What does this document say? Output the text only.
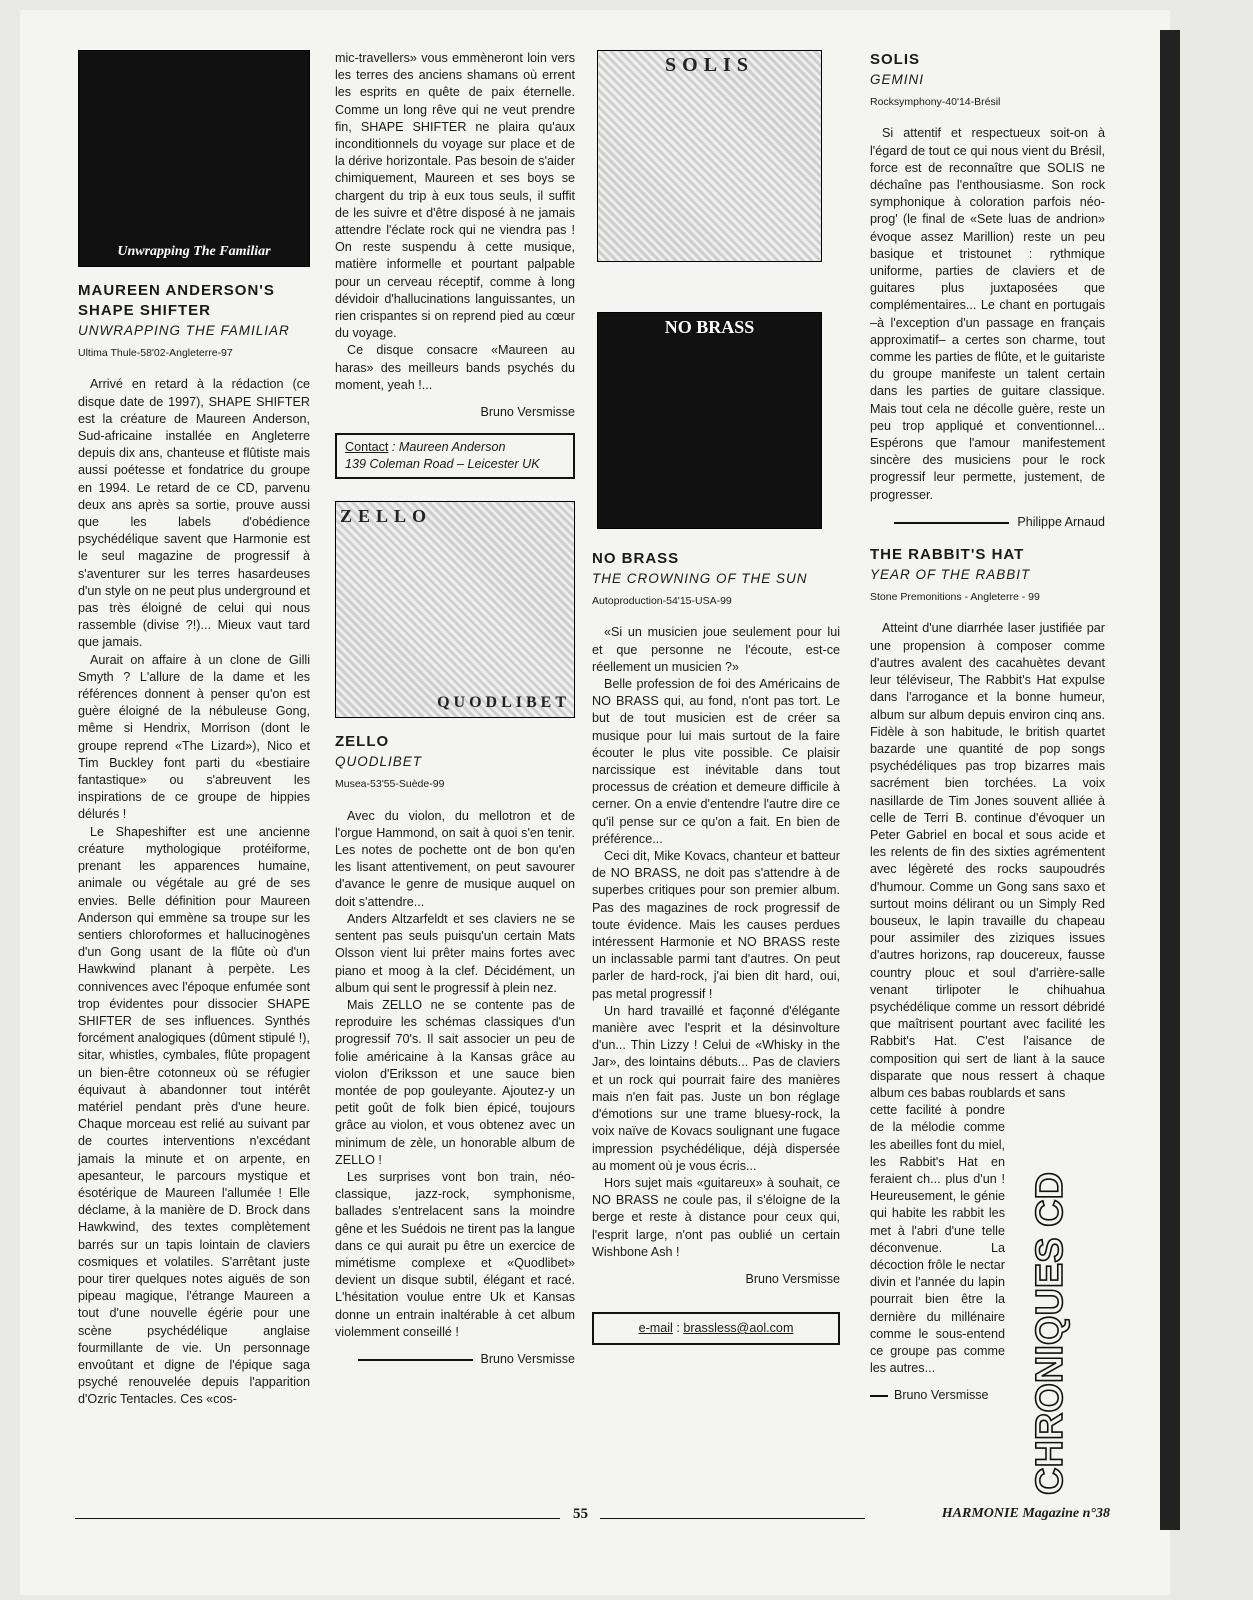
Unwrapping The Familiar
MAUREEN ANDERSON'S
SHAPE SHIFTER
UNWRAPPING THE FAMILIAR
Ultima Thule-58'02-Angleterre-97

Arrivé en retard à la rédaction (ce disque date de 1997), SHAPE SHIFTER est la créature de Maureen Anderson, Sud-africaine installée en Angleterre depuis dix ans, chanteuse et flûtiste mais aussi poétesse et fondatrice du groupe en 1994. Le retard de ce CD, parvenu deux ans après sa sortie, prouve aussi que les labels d'obédience psychédélique savent que Harmonie est le seul magazine de progressif à s'aventurer sur les terres hasardeuses d'un style on ne peut plus underground et pas très éloigné de celui qui nous rassemble (divise ?!)... Mieux vaut tard que jamais.

Aurait on affaire à un clone de Gilli Smyth ? L'allure de la dame et les références donnent à penser qu'on est guère éloigné de la nébuleuse Gong, même si Hendrix, Morrison (dont le groupe reprend «The Lizard»), Nico et Tim Buckley font parti du «bestiaire fantastique» ou s'abreuvent les inspirations de ce groupe de hippies délurés !

Le Shapeshifter est une ancienne créature mythologique protéiforme, prenant les apparences humaine, animale ou végétale au gré de ses envies. Belle définition pour Maureen Anderson qui emmène sa troupe sur les sentiers chloroformes et hallucinogènes d'un Gong usant de la flûte où d'un Hawkwind planant à perpète. Les connivences avec l'époque enfumée sont trop évidentes pour dissocier SHAPE SHIFTER de ses influences. Synthés forcément analogiques (dûment stipulé !), sitar, whistles, cymbales, flûte propagent un bien-être cotonneux où se réfugier équivaut à abandonner tout intérêt matériel pendant près d'une heure. Chaque morceau est relié au suivant par de courtes interventions n'excédant jamais la minute et on arpente, en apesanteur, le parcours mystique et ésotérique de Maureen l'allumée ! Elle déclame, à la manière de D. Brock dans Hawkwind, des textes complètement barrés sur un tapis lointain de claviers cosmiques et volatiles. S'arrêtant juste pour tirer quelques notes aiguës de son pipeau magique, l'étrange Maureen a tout d'une nouvelle égérie pour une scène psychédélique anglaise fourmillante de vie. Un personnage envoûtant et digne de l'épique saga psyché renouvelée depuis l'apparition d'Ozric Tentacles. Ces «cos-

mic-travellers» vous emmèneront loin vers les terres des anciens shamans où errent les esprits en quête de paix éternelle. Comme un long rêve qui ne veut prendre fin, SHAPE SHIFTER ne plaira qu'aux inconditionnels du voyage sur place et de la dérive horizontale. Pas besoin de s'aider chimiquement, Maureen et ses boys se chargent du trip à eux tous seuls, il suffit de les suivre et d'être disposé à ne jamais attendre l'éclate rock qui ne viendra pas ! On reste suspendu à cette musique, matière informelle et pourtant palpable pour un cerveau réceptif, comme à long dévidoir d'hallucinations languissantes, un rien crispantes si on reprend pied au cœur du voyage.

Ce disque consacre «Maureen au haras» des meilleurs bands psychés du moment, yeah !...

Bruno Versmisse
Contact : Maureen Anderson
139 Coleman Road – Leicester UK
ZELLO
QUODLIBET
ZELLO
QUODLIBET
Musea-53'55-Suède-99

Avec du violon, du mellotron et de l'orgue Hammond, on sait à quoi s'en tenir. Les notes de pochette ont de bon qu'en les lisant attentivement, on peut savourer d'avance le genre de musique auquel on doit s'attendre...

Anders Altzarfeldt et ses claviers ne se sentent pas seuls puisqu'un certain Mats Olsson vient lui prêter mains fortes avec piano et moog à la clef. Décidément, un album qui sent le progressif à plein nez.

Mais ZELLO ne se contente pas de reproduire les schémas classiques d'un progressif 70's. Il sait associer un peu de folie américaine à la Kansas grâce au violon d'Eriksson et une sauce bien montée de pop gouleyante. Ajoutez-y un petit goût de folk bien épicé, toujours grâce au violon, et vous obtenez avec un minimum de zèle, un honorable album de ZELLO !

Les surprises vont bon train, néo-classique, jazz-rock, symphonisme, ballades s'entrelacent sans la moindre gêne et les Suédois ne tirent pas la langue dans ce qui aurait pu être un exercice de mimétisme complexe et «Quodlibet» devient un disque subtil, élégant et racé. L'hésitation voulue entre Uk et Kansas donne un entrain inaltérable à cet album violemment conseillé !

Bruno Versmisse
SOLIS
NO BRASS
NO BRASS
THE CROWNING OF THE SUN
Autoproduction-54'15-USA-99

«Si un musicien joue seulement pour lui et que personne ne l'écoute, est-ce réellement un musicien ?»

Belle profession de foi des Américains de NO BRASS qui, au fond, n'ont pas tort. Le but de tout musicien est de créer sa musique pour lui mais surtout de la faire écouter le plus vite possible. Ce plaisir narcissique est inévitable dans tout processus de création et demeure difficile à cerner. On a envie d'entendre l'autre dire ce qu'il pense sur ce qu'on a fait. En bien de préférence...

Ceci dit, Mike Kovacs, chanteur et batteur de NO BRASS, ne doit pas s'attendre à de superbes critiques pour son premier album. Pas des magazines de rock progressif de toute évidence. Mais les causes perdues intéressent Harmonie et NO BRASS reste un inclassable parmi tant d'autres. On peut parler de hard-rock, j'ai bien dit hard, oui, pas metal progressif !

Un hard travaillé et façonné d'élégante manière avec l'esprit et la désinvolture d'un... Thin Lizzy ! Celui de «Whisky in the Jar», des lointains débuts... Pas de claviers et un rock qui pourrait faire des manières mais n'en fait pas. Juste un bon réglage d'émotions sur une trame bluesy-rock, la voix naïve de Kovacs soulignant une fugace impression psychédélique, déjà dispersée au moment où je vous écris...

Hors sujet mais «guitareux» à souhait, ce NO BRASS ne coule pas, il s'éloigne de la berge et reste à distance pour ceux qui, l'esprit large, n'ont pas oublié un certain Wishbone Ash !

Bruno Versmisse
e-mail : brassless@aol.com
SOLIS
GEMINI
Rocksymphony-40'14-Brésil

Si attentif et respectueux soit-on à l'égard de tout ce qui nous vient du Brésil, force est de reconnaître que SOLIS ne déchaîne pas l'enthousiasme. Son rock symphonique à coloration parfois néo-prog' (le final de «Sete luas de andrion» évoque assez Marillion) reste un peu basique et tristounet : rythmique uniforme, parties de claviers et de guitares plus juxtaposées que complémentaires... Le chant en portugais –à l'exception d'un passage en français approximatif– a certes son charme, tout comme les parties de flûte, et le guitariste du groupe manifeste un talent certain dans les parties de guitare classique. Mais tout cela ne décolle guère, reste un peu trop appliqué et conventionnel... Espérons que l'amour manifestement sincère des musiciens pour le rock progressif leur permette, justement, de progresser.

Philippe Arnaud
THE RABBIT'S HAT
YEAR OF THE RABBIT
Stone Premonitions - Angleterre - 99

Atteint d'une diarrhée laser justifiée par une propension à composer comme d'autres avalent des cacahuètes devant leur téléviseur, The Rabbit's Hat expulse dans l'arrogance et la bonne humeur, album sur album depuis environ cinq ans. Fidèle à son habitude, le british quartet bazarde une quantité de pop songs psychédéliques pas trop bizarres mais sacrément bien torchées. La voix nasillarde de Tim Jones souvent alliée à celle de Terri B. continue d'évoquer un Peter Gabriel en bocal et sous acide et les relents de fin des sixties agrémentent avec légèreté des rocks saupoudrés d'humour. Comme un Gong sans saxo et surtout moins délirant ou un Simply Red bouseux, le lapin travaille du chapeau pour assimiler des ziziques issues d'autres horizons, rap doucereux, fausse country plouc et soul d'arrière-salle venant tirlipoter le chihuahua psychédélique comme un ressort débridé que maîtrisent pourtant avec facilité les Rabbit's Hat. C'est l'aisance de composition qui sert de liant à la sauce disparate que nous ressert à chaque album ces babas roublards et sans

cette facilité à pondre de la mélodie comme les abeilles font du miel, les Rabbit's Hat en feraient ch... plus d'un ! Heureusement, le génie qui habite les rabbit les met à l'abri d'une telle déconvenue. La décoction frôle le nectar divin et l'année du lapin pourrait bien être la dernière du millénaire comme le sous-entend ce groupe pas comme les autres...

Bruno Versmisse	CHRONIQUES CD
55	HARMONIE Magazine n°38
